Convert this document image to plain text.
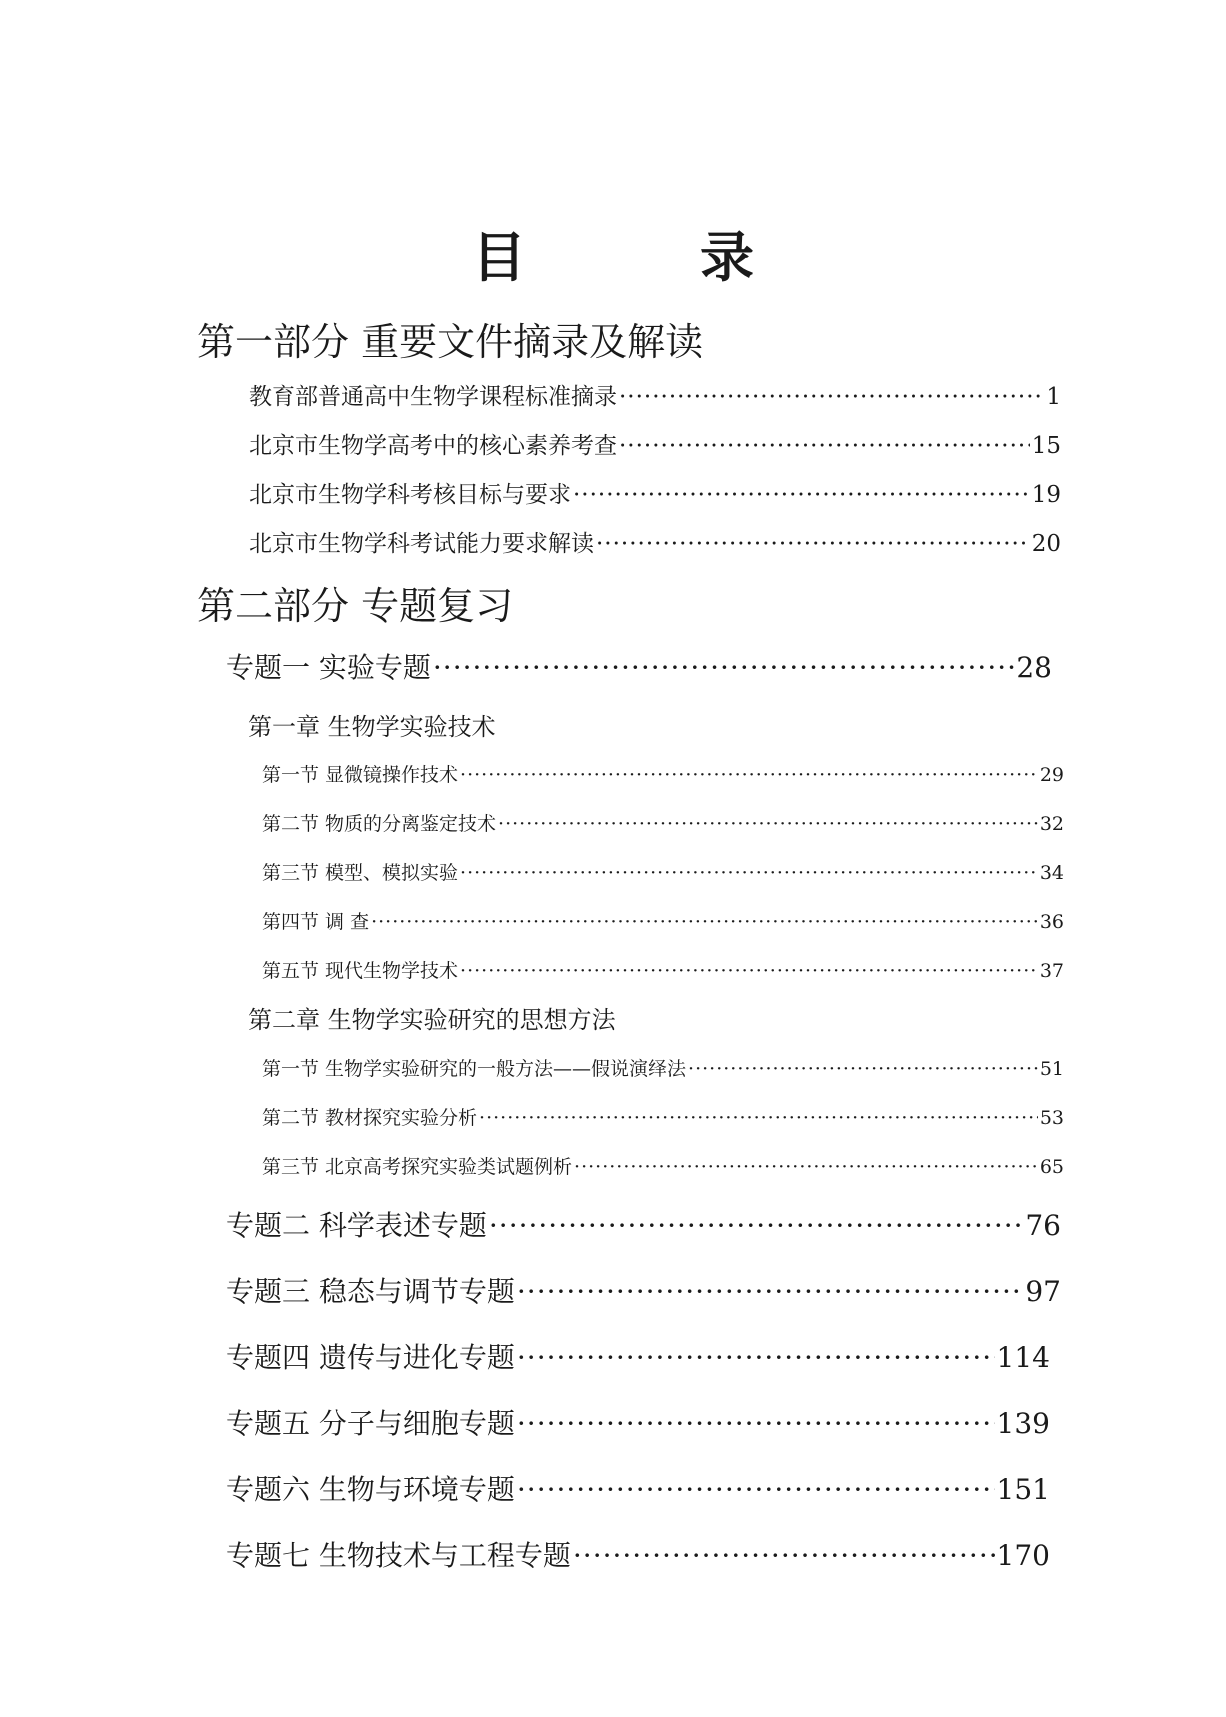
目　录
第一部分 重要文件摘录及解读
教育部普通高中生物学课程标准摘录 ·····	1
北京市生物学高考中的核心素养考查 ·····	15
北京市生物学科考核目标与要求 ·····	19
北京市生物学科考试能力要求解读 ·····	20
第二部分 专题复习
专题一 实验专题 ·····	28
第一章 生物学实验技术
第一节 显微镜操作技术 ·····	29
第二节 物质的分离鉴定技术 ·····	32
第三节 模型、模拟实验 ·····	34
第四节 调 查 ·····	36
第五节 现代生物学技术 ·····	37
第二章 生物学实验研究的思想方法
第一节 生物学实验研究的一般方法——假说演绎法 ·····	51
第二节 教材探究实验分析 ·····	53
第三节 北京高考探究实验类试题例析 ·····	65
专题二 科学表述专题 ·····	76
专题三 稳态与调节专题 ·····	97
专题四 遗传与进化专题 ·····	114
专题五 分子与细胞专题 ·····	139
专题六 生物与环境专题 ·····	151
专题七 生物技术与工程专题 ·····	170
